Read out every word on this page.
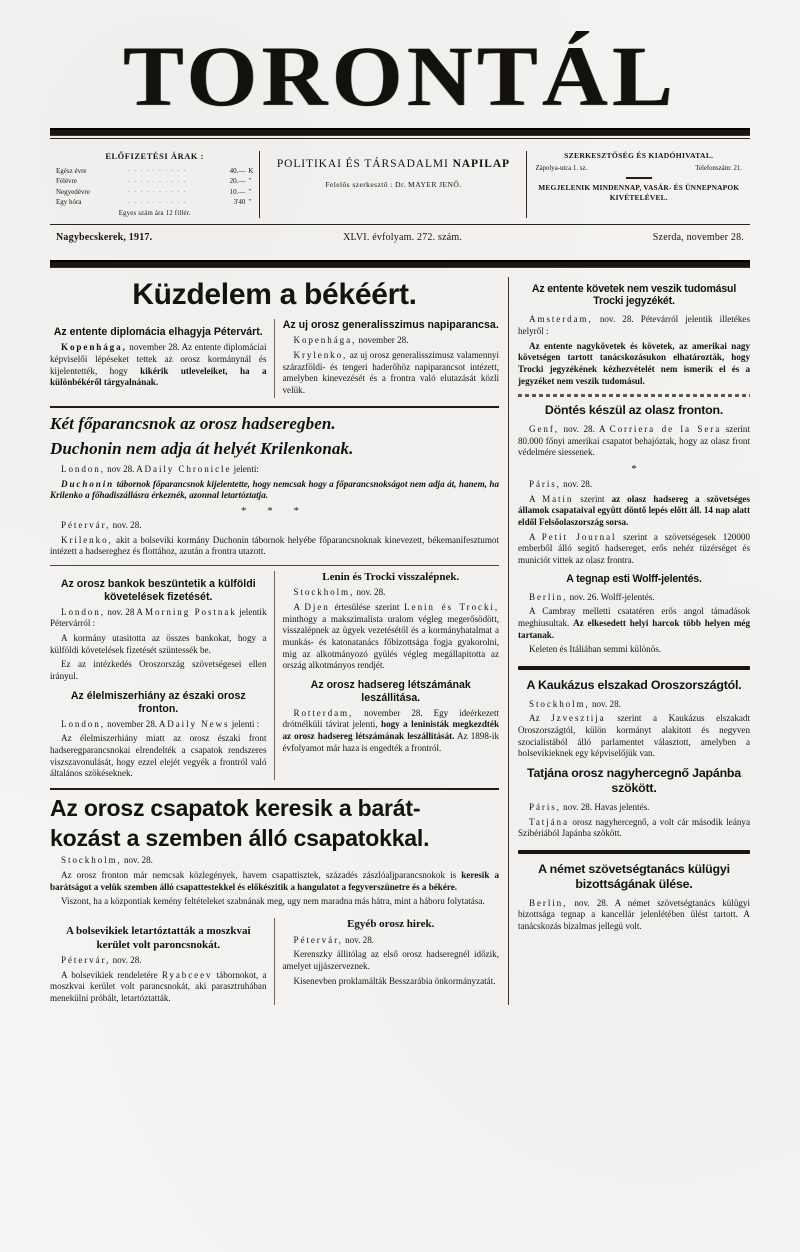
TORONTÁL
ELŐFIZETÉSI ÁRAK :
Egész évre	. . . . . . . . . .	40.—	K
Félévre	. . . . . . . . . .	20.—	"
Negyedévre	. . . . . . . . . .	10.—	"
Egy hóra	. . . . . . . . . .	3'40	"
Egyes szám ára 12 fillér.
POLITIKAI ÉS TÁRSADALMI NAPILAP
Felelős szerkesztő : Dr. MAYER JENŐ.
SZERKESZTŐSÉG ÉS KIADÓHIVATAL.
Zápolya-utca 1. sz.	Telefonszám: 21.
MEGJELENIK MINDENNAP, VASÁR- ÉS ÜNNEPNAPOK KIVÉTELÉVEL.
Nagybecskerek, 1917.	XLVI. évfolyam. 272. szám.	Szerda, november 28.
Küzdelem a békéért.
Az entente diplomácia elhagyja Pétervárt.

Kopenhága, november 28. Az entente diplomáciai képviselői lépéseket tettek az orosz kormánynál és kijelentették, hogy kikérik utleveleiket, ha a különbékéről tárgyalnának.

Az uj orosz generalisszimus napiparancsa.

Kopenhága, november 28.

Krylenko, az uj orosz generalisszimusz valamennyi szárazföldi- és tengeri haderőhöz napiparancsot intézett, amelyben kinevezését és a frontra való elutazását közli velük.

Két főparancsnok az orosz hadseregben.
Duchonin nem adja át helyét Krilenkonak.

London, nov 28. A Daily Chronicle jelenti:

Duchonin tábornok főparancsnok kijelentette, hogy nemcsak hogy a főparancsnokságot nem adja át, hanem, ha Krilenko a főhadiszállásra érkeznék, azonnal letartóztatja.

* * *

Pétervár, nov. 28.

Krilenko, akit a bolseviki kormány Duchonin tábornok helyébe főparancsnoknak kinevezett, békemanifesztumot intézett a hadsereghez és flottához, azután a frontra utazott.

Az orosz bankok beszüntetik a külföldi követelések fizetését.

London, nov. 28 A Morning Postnak jelentik Pétervárról :

A kormány utasitotta az összes bankokat, hogy a külföldi követelések fizetését szüntessék be.

Ez az intézkedés Oroszország szövetségesei ellen irányul.

Az élelmiszerhiány az északi orosz fronton.

London, november 28. A Daily News jelenti :

Az élelmiszerhiány miatt az orosz északi front hadseregparancsnokai elrendelték a csapatok rendszeres viszszavonulását, hogy ezzel elejét vegyék a frontról való általános szökéseknek.

Lenin és Trocki visszalépnek.

Stockholm, nov. 28.

A Djen értesülése szerint Lenin és Trocki, minthogy a makszimalista uralom végleg megerősödött, visszalépnek az ügyek vezetésétől és a kormányhatalmat a munkás- és katonatanács főbizottsága fogja gyakorolni, mig az alkotmányozó gyülés végleg megállapitotta az ország alkotmányos rendjét.

Az orosz hadsereg létszámának leszállitása.

Rotterdam, november 28. Egy ideérkezett drótnélküli távirat jelenti, hogy a leninisták megkezdték az orosz hadsereg létszámának leszállitását. Az 1898-ik évfolyamot már haza is engedték a frontról.

Az orosz csapatok keresik a barát-
kozást a szemben álló csapatokkal.

Stockholm, nov. 28.

Az orosz fronton már nemcsak közlegények, havem csapattisztek, századés zászlóaljparancsnokok is keresik a barátságot a velük szemben álló csapattestekkel és előkészitik a hangulatot a fegyverszünetre és a békére.

Viszont, ha a központiak kemény feltételeket szabnának meg, ugy nem maradna más hátra, mint a háboru folytatása.

A bolsevikiek letartóztatták a moszkvai kerület volt paroncsnokát.

Pétervár, nov. 28.

A bolsevikiek rendeletére Ryabceev tábornokot, a moszkvai kerület volt parancsnokát, aki parasztruhában menekülni próbált, letartóztatták.

Egyéb orosz hirek.

Pétervár, nov. 28.

Kerenszky állitólag az első orosz hadseregnél időzik, amelyet ujjászerveznek.

Kisenevben proklamálták Besszarábia önkormányzatát.

Az entente követek nem veszik tudomásul Trocki jegyzékét.

Amsterdam, nov. 28. Pétevárról jelentik illetékes helyről :

Az entente nagykövetek és követek, az amerikai nagy követségen tartott tanácskozásukon elhatározták, hogy Trocki jegyzékének kézhezvételét nem ismerik el és a jegyzéket nem veszik tudomásul.

Döntés készül az olasz fronton.

Genf, nov. 28. A Corriera de la Sera szerint 80.000 főnyi amerikai csapatot behajóztak, hogy az olasz front védelmére siessenek.

*

Páris, nov. 28.

A Matin szerint az olasz hadsereg a szövetséges államok csapataival együtt döntő lepés előtt áll. 14 nap alatt eldől Felsőolaszország sorsa.

A Petit Journal szerint a szövetségesek 120000 emberből álló segitő hadsereget, erős nehéz tüzérséget és municiót vittek az olasz frontra.

A tegnap esti Wolff-jelentés.

Berlin, nov. 26. Wolff-jelentés.

A Cambray melletti csatatéren erős angol támadások meghiusultak. Az elkesedett helyi harcok több helyen még tartanak.

Keleten és Itáliában semmi különös.

A Kaukázus elszakad Oroszországtól.

Stockholm, nov. 28.

Az Jzvesztija szerint a Kaukázus elszakadt Oroszországtól, külön kormányt alakitott és negyven szocialistából álló parlamentet választott, amelyben a bolsevikieknek egy képviselőjük van.

Tatjána orosz nagyhercegnő Japánba szökött.

Páris, nov. 28. Havas jelentés.

Tatjána orosz nagyhercegnő, a volt cár második leánya Szibériából Japánba szökött.

A német szövetségtanács külügyi bizottságának ülése.

Berlin, nov. 28. A német szövetségtanács külügyi bizottsága tegnap a kancellár jelenlétében ülést tartott. A tanácskozás bizalmas jellegü volt.
